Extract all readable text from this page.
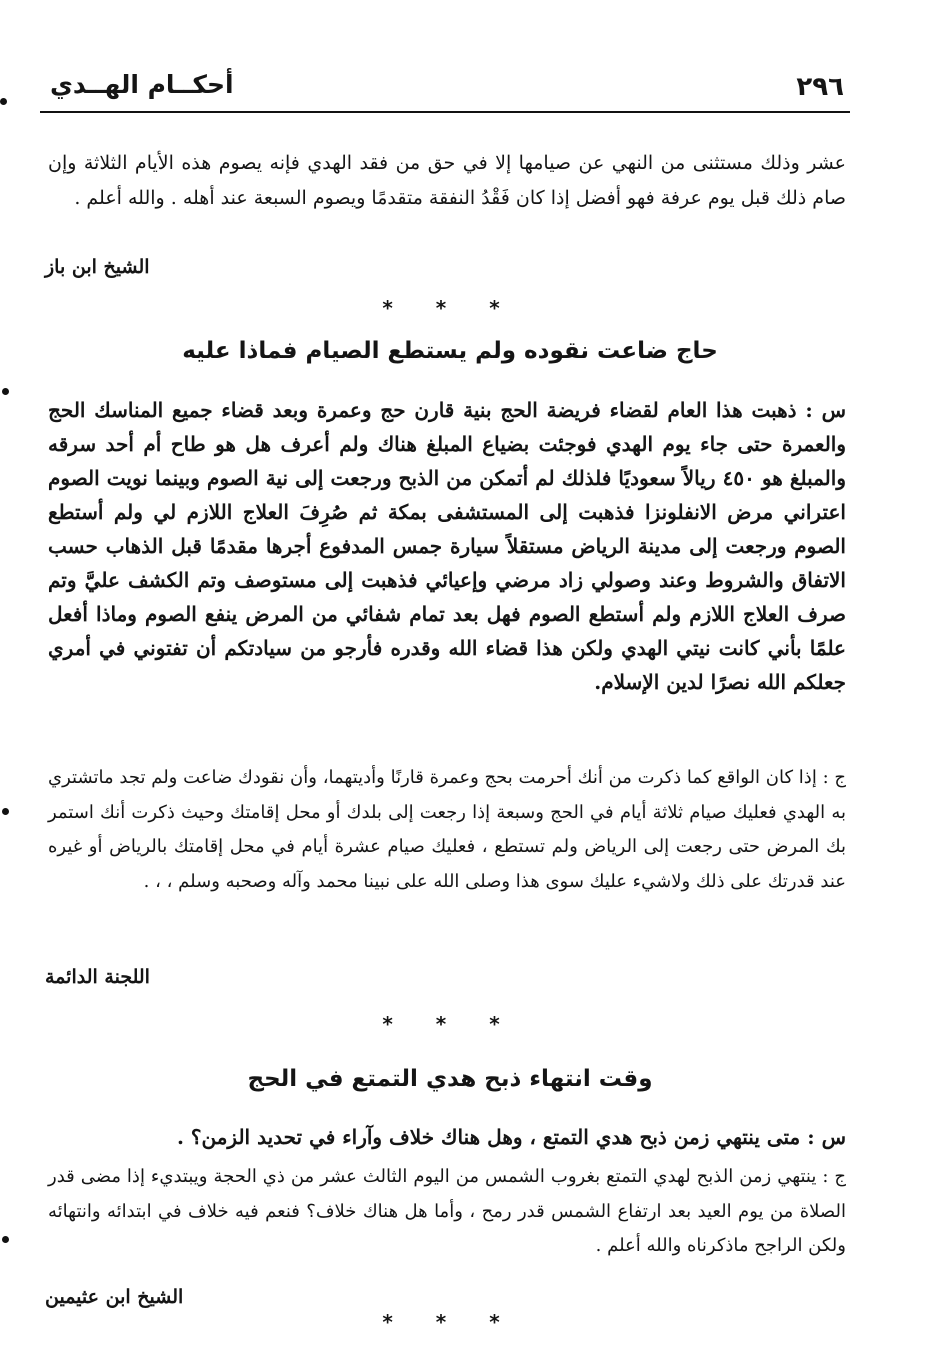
أحكــام الهــدي	٢٩٦

عشر وذلك مستثنى من النهي عن صيامها إلا في حق من فقد الهدي فإنه يصوم هذه الأيام الثلاثة وإن صام ذلك قبل يوم عرفة فهو أفضل إذا كان فَقْدُ النفقة متقدمًا ويصوم السبعة عند أهله . والله أعلم .

الشيخ ابن باز
* * *
حاج ضاعت نقوده ولم يستطع الصيام فماذا عليه

س : ذهبت هذا العام لقضاء فريضة الحج بنية قارن حج وعمرة وبعد قضاء جميع المناسك الحج والعمرة حتى جاء يوم الهدي فوجئت بضياع المبلغ هناك ولم أعرف هل هو طاح أم أحد سرقه والمبلغ هو ٤٥٠ ريالاً سعوديًا فلذلك لم أتمكن من الذبح ورجعت إلى نية الصوم وبينما نويت الصوم اعتراني مرض الانفلونزا فذهبت إلى المستشفى بمكة ثم صُرِفَ العلاج اللازم لي ولم أستطع الصوم ورجعت إلى مدينة الرياض مستقلاً سيارة جمس المدفوع أجرها مقدمًا قبل الذهاب حسب الاتفاق والشروط وعند وصولي زاد مرضي وإعيائي فذهبت إلى مستوصف وتم الكشف عليَّ وتم صرف العلاج اللازم ولم أستطع الصوم فهل بعد تمام شفائي من المرض ينفع الصوم وماذا أفعل علمًا بأني كانت نيتي الهدي ولكن هذا قضاء الله وقدره فأرجو من سيادتكم أن تفتوني في أمري جعلكم الله نصرًا لدين الإسلام.

ج : إذا كان الواقع كما ذكرت من أنك أحرمت بحج وعمرة قارنًا وأديتهما، وأن نقودك ضاعت ولم تجد ماتشتري به الهدي فعليك صيام ثلاثة أيام في الحج وسبعة إذا رجعت إلى بلدك أو محل إقامتك وحيث ذكرت أنك استمر بك المرض حتى رجعت إلى الرياض ولم تستطع ، فعليك صيام عشرة أيام في محل إقامتك بالرياض أو غيره عند قدرتك على ذلك ولاشيء عليك سوى هذا وصلى الله على نبينا محمد وآله وصحبه وسلم ، ، .

اللجنة الدائمة
* * *
وقت انتهاء ذبح هدي التمتع في الحج

س : متى ينتهي زمن ذبح هدي التمتع ، وهل هناك خلاف وآراء في تحديد الزمن؟ .

ج : ينتهي زمن الذبح لهدي التمتع بغروب الشمس من اليوم الثالث عشر من ذي الحجة ويبتديء إذا مضى قدر الصلاة من يوم العيد بعد ارتفاع الشمس قدر رمح ، وأما هل هناك خلاف؟ فنعم فيه خلاف في ابتدائه وانتهائه ولكن الراجح ماذكرناه والله أعلم .

الشيخ ابن عثيمين
* * *
